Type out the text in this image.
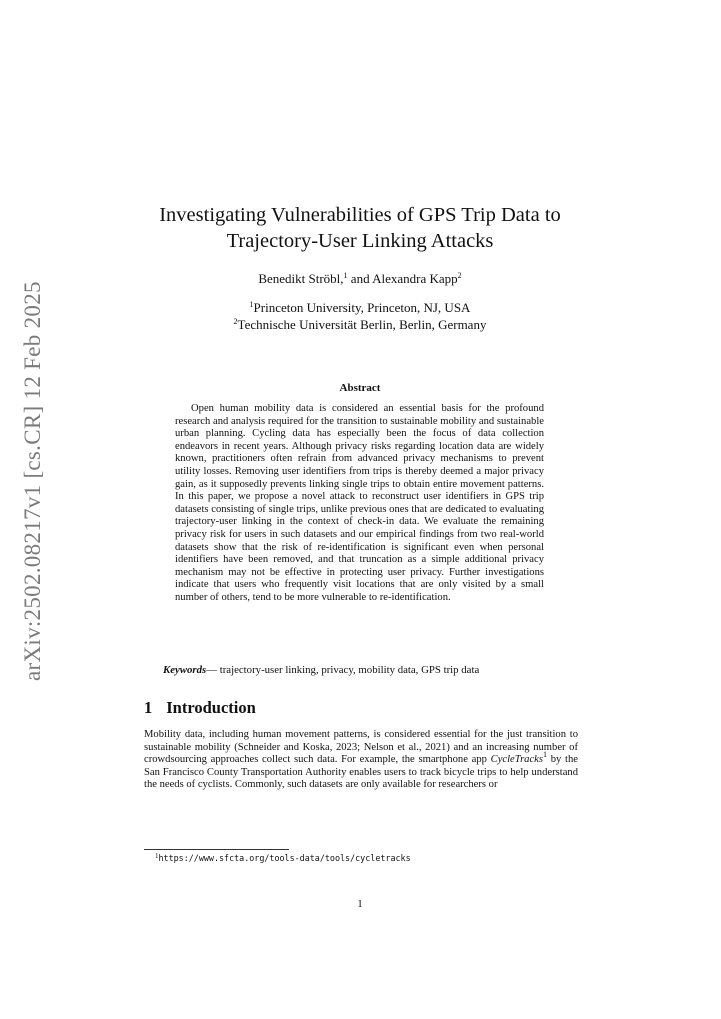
arXiv:2502.08217v1 [cs.CR] 12 Feb 2025
Investigating Vulnerabilities of GPS Trip Data to
Trajectory-User Linking Attacks
Benedikt Ströbl,$^1$ and Alexandra Kapp$^2$
$^1$Princeton University, Princeton, NJ, USA
$^2$Technische Universität Berlin, Berlin, Germany
Abstract

Open human mobility data is considered an essential basis for the profound research and analysis required for the transition to sustainable mobility and sustainable urban planning. Cycling data has especially been the focus of data collection endeavors in recent years. Although privacy risks regarding location data are widely known, practitioners often refrain from advanced privacy mechanisms to prevent utility losses. Removing user identifiers from trips is thereby deemed a major privacy gain, as it supposedly prevents linking single trips to obtain entire movement patterns. In this paper, we propose a novel attack to reconstruct user identifiers in GPS trip datasets consisting of single trips, unlike previous ones that are dedicated to evaluating trajectory-user linking in the context of check-in data. We evaluate the remaining privacy risk for users in such datasets and our empirical findings from two real-world datasets show that the risk of re-identification is significant even when personal identifiers have been removed, and that truncation as a simple additional privacy mechanism may not be effective in protecting user privacy. Further investigations indicate that users who frequently visit locations that are only visited by a small number of others, tend to be more vulnerable to re-identification.

Keywords— trajectory-user linking, privacy, mobility data, GPS trip data
1 Introduction

Mobility data, including human movement patterns, is considered essential for the just transition to sustainable mobility (Schneider and Koska, 2023; Nelson et al., 2021) and an increasing number of crowdsourcing approaches collect such data. For example, the smartphone app CycleTracks$^1$ by the San Francisco County Transportation Authority enables users to track bicycle trips to help understand the needs of cyclists. Commonly, such datasets are only available for researchers or

$^1$https://www.sfcta.org/tools-data/tools/cycletracks
1
